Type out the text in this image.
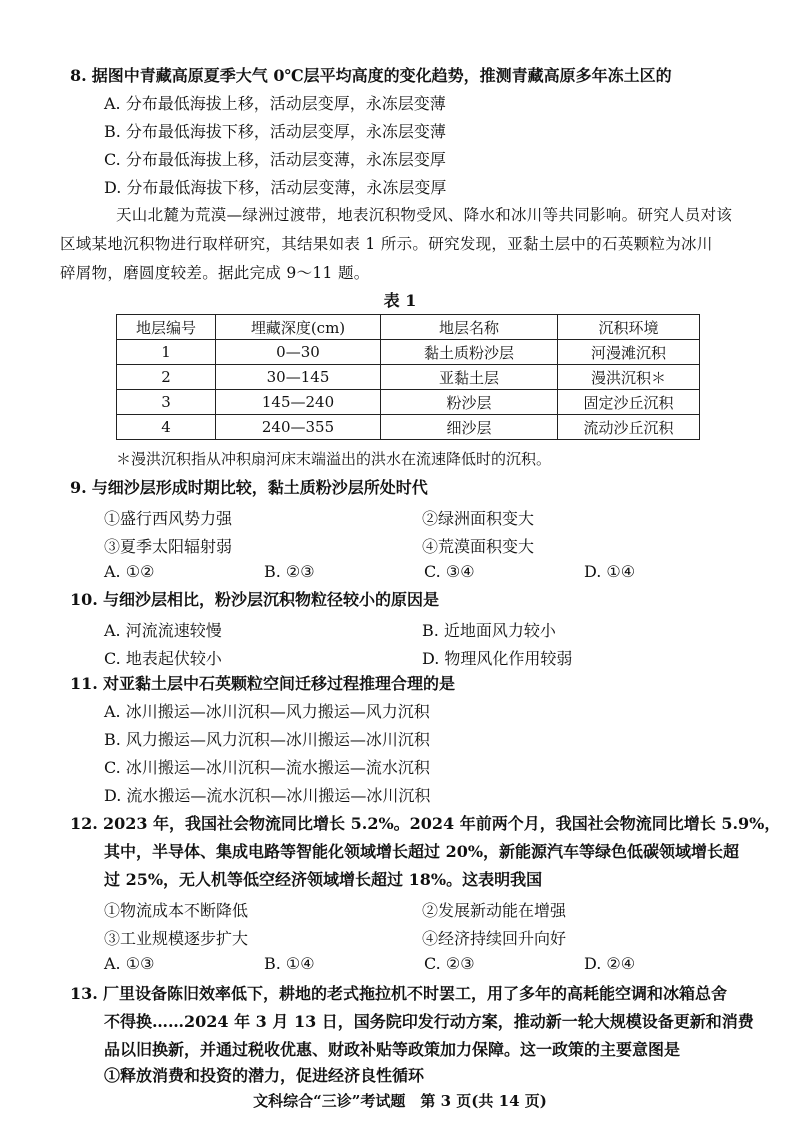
8. 据图中青藏高原夏季大气 0℃层平均高度的变化趋势，推测青藏高原多年冻土区的
A. 分布最低海拔上移，活动层变厚，永冻层变薄
B. 分布最低海拔下移，活动层变厚，永冻层变薄
C. 分布最低海拔上移，活动层变薄，永冻层变厚
D. 分布最低海拔下移，活动层变薄，永冻层变厚

天山北麓为荒漠—绿洲过渡带，地表沉积物受风、降水和冰川等共同影响。研究人员对该

区域某地沉积物进行取样研究，其结果如表 1 所示。研究发现，亚黏土层中的石英颗粒为冰川

碎屑物，磨圆度较差。据此完成 9～11 题。

表 1
地层编号	埋藏深度(cm)	地层名称	沉积环境
1	0—30	黏土质粉沙层	河漫滩沉积
2	30—145	亚黏土层	漫洪沉积＊
3	145—240	粉沙层	固定沙丘沉积
4	240—355	细沙层	流动沙丘沉积
＊漫洪沉积指从冲积扇河床末端溢出的洪水在流速降低时的沉积。
9. 与细沙层形成时期比较，黏土质粉沙层所处时代
①盛行西风势力强	②绿洲面积变大
③夏季太阳辐射弱	④荒漠面积变大
A. ①②	B. ②③	C. ③④	D. ①④
10. 与细沙层相比，粉沙层沉积物粒径较小的原因是
A. 河流流速较慢	B. 近地面风力较小
C. 地表起伏较小	D. 物理风化作用较弱
11. 对亚黏土层中石英颗粒空间迁移过程推理合理的是
A. 冰川搬运—冰川沉积—风力搬运—风力沉积
B. 风力搬运—风力沉积—冰川搬运—冰川沉积
C. 冰川搬运—冰川沉积—流水搬运—流水沉积
D. 流水搬运—流水沉积—冰川搬运—冰川沉积
12. 2023 年，我国社会物流同比增长 5.2%。2024 年前两个月，我国社会物流同比增长 5.9%，
其中，半导体、集成电路等智能化领域增长超过 20%，新能源汽车等绿色低碳领域增长超
过 25%，无人机等低空经济领域增长超过 18%。这表明我国
①物流成本不断降低	②发展新动能在增强
③工业规模逐步扩大	④经济持续回升向好
A. ①③	B. ①④	C. ②③	D. ②④
13. 厂里设备陈旧效率低下，耕地的老式拖拉机不时罢工，用了多年的高耗能空调和冰箱总舍
不得换……2024 年 3 月 13 日，国务院印发行动方案，推动新一轮大规模设备更新和消费
品以旧换新，并通过税收优惠、财政补贴等政策加力保障。这一政策的主要意图是
①释放消费和投资的潜力，促进经济良性循环
文科综合“三诊”考试题　第 3 页(共 14 页)
